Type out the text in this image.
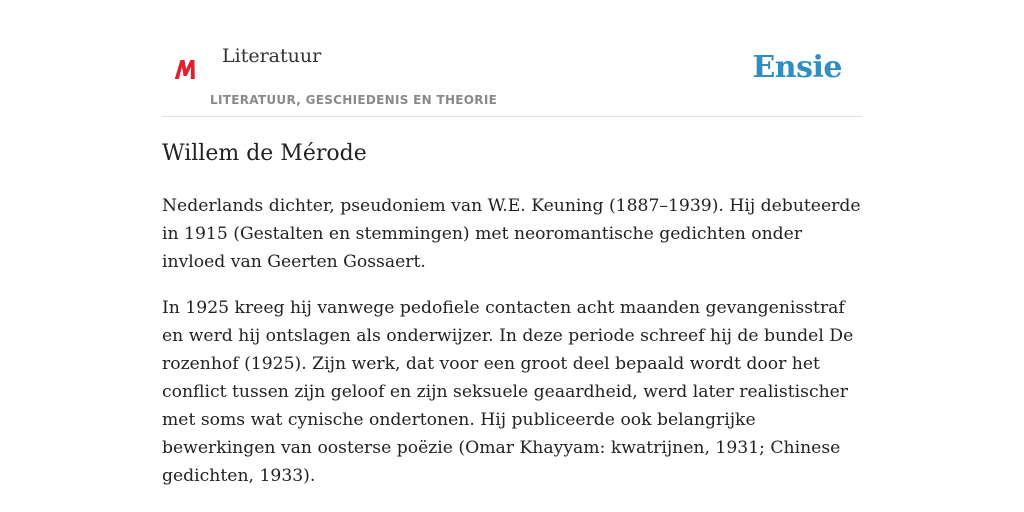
Literatuur
LITERATUUR, GESCHIEDENIS EN THEORIE
Ensie
Willem de Mérode

Nederlands dichter, pseudoniem van W.E. Keuning (1887–1939). Hij debuteerde in 1915 (Gestalten en stemmingen) met neoromantische gedichten onder invloed van Geerten Gossaert.

In 1925 kreeg hij vanwege pedofiele contacten acht maanden gevangenisstraf en werd hij ontslagen als onderwijzer. In deze periode schreef hij de bundel De rozenhof (1925). Zijn werk, dat voor een groot deel bepaald wordt door het conflict tussen zijn geloof en zijn seksuele geaardheid, werd later realistischer met soms wat cynische ondertonen. Hij publiceerde ook belangrijke bewerkingen van oosterse poëzie (Omar Khayyam: kwatrijnen, 1931; Chinese gedichten, 1933).
